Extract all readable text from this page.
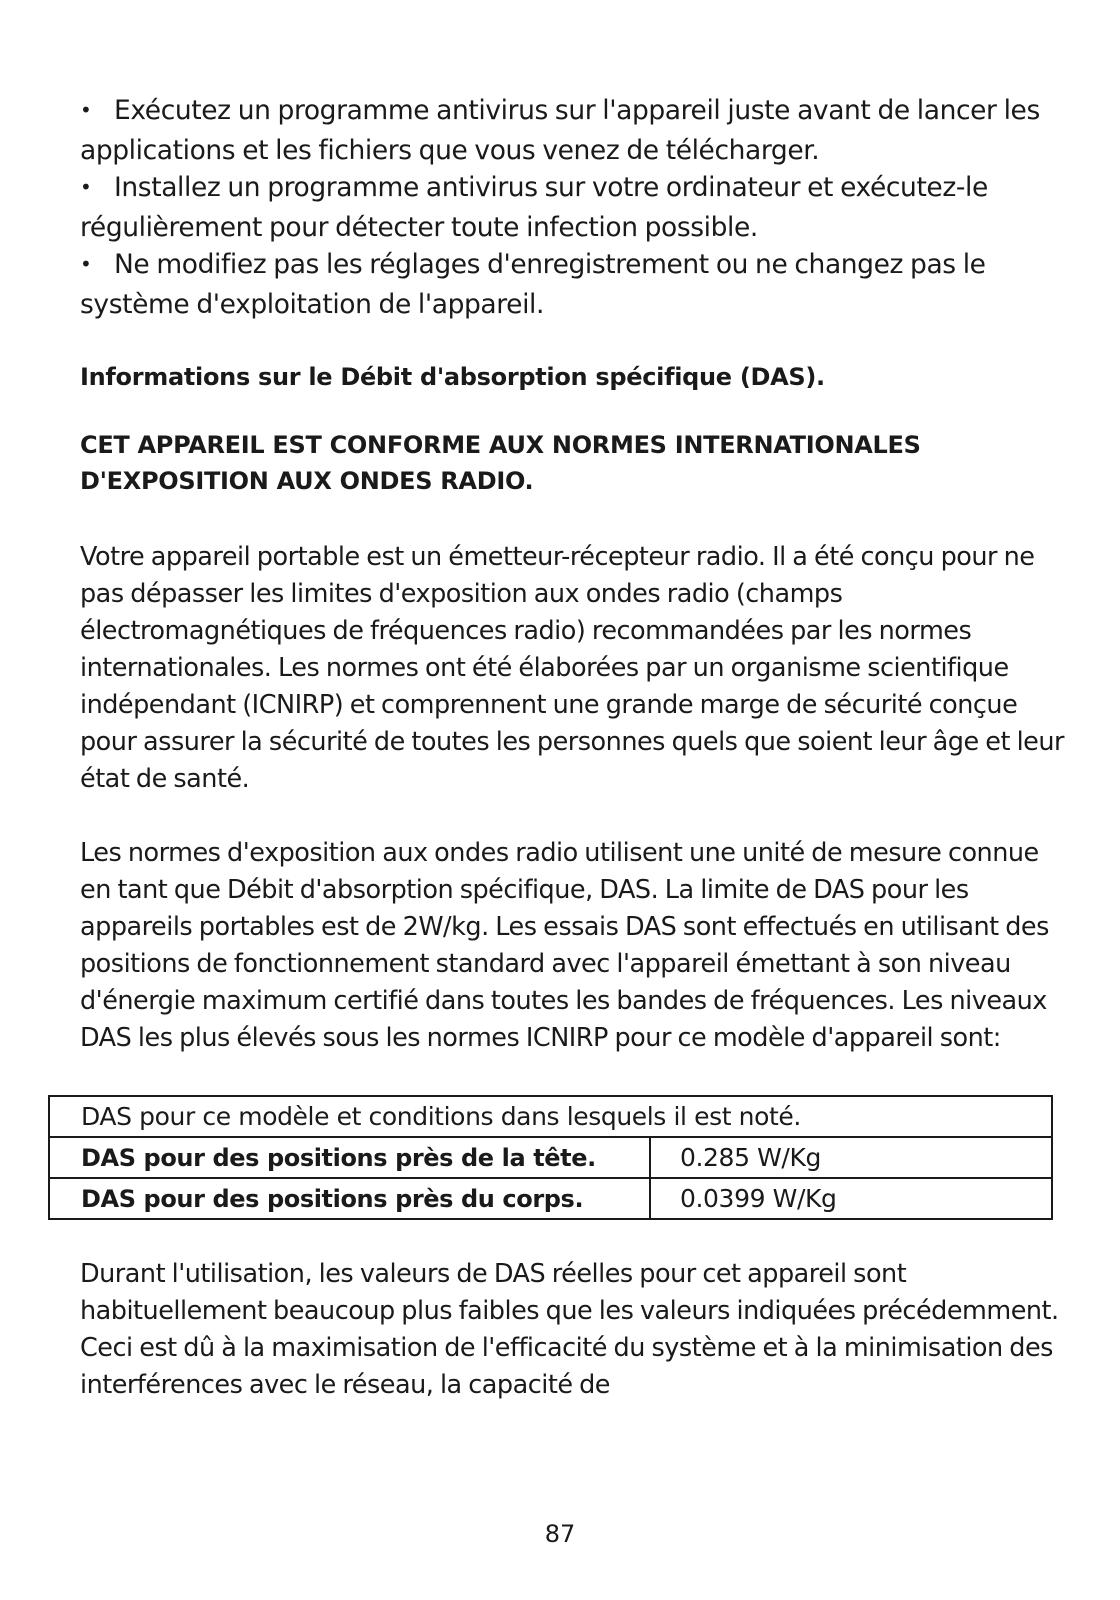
• Exécutez un programme antivirus sur l'appareil juste avant de lancer les applications et les fichiers que vous venez de télécharger.

• Installez un programme antivirus sur votre ordinateur et exécutez-le régulièrement pour détecter toute infection possible.

• Ne modifiez pas les réglages d'enregistrement ou ne changez pas le système d'exploitation de l'appareil.

Informations sur le Débit d'absorption spécifique (DAS).
CET APPAREIL EST CONFORME AUX NORMES INTERNATIONALES D'EXPOSITION AUX ONDES RADIO.

Votre appareil portable est un émetteur-récepteur radio. Il a été conçu pour ne pas dépasser les limites d'exposition aux ondes radio (champs électromagnétiques de fréquences radio) recommandées par les normes internationales. Les normes ont été élaborées par un organisme scientifique indépendant (ICNIRP) et comprennent une grande marge de sécurité conçue pour assurer la sécurité de toutes les personnes quels que soient leur âge et leur état de santé.

Les normes d'exposition aux ondes radio utilisent une unité de mesure connue en tant que Débit d'absorption spécifique, DAS. La limite de DAS pour les appareils portables est de 2W/kg. Les essais DAS sont effectués en utilisant des positions de fonctionnement standard avec l'appareil émettant à son niveau d'énergie maximum certifié dans toutes les bandes de fréquences. Les niveaux DAS les plus élevés sous les normes ICNIRP pour ce modèle d'appareil sont:

DAS pour ce modèle et conditions dans lesquels il est noté.	
DAS pour des positions près de la tête.	0.285 W/Kg
DAS pour des positions près du corps.	0.0399 W/Kg

Durant l'utilisation, les valeurs de DAS réelles pour cet appareil sont habituellement beaucoup plus faibles que les valeurs indiquées précédemment. Ceci est dû à la maximisation de l'efficacité du système et à la minimisation des interférences avec le réseau, la capacité de

87
